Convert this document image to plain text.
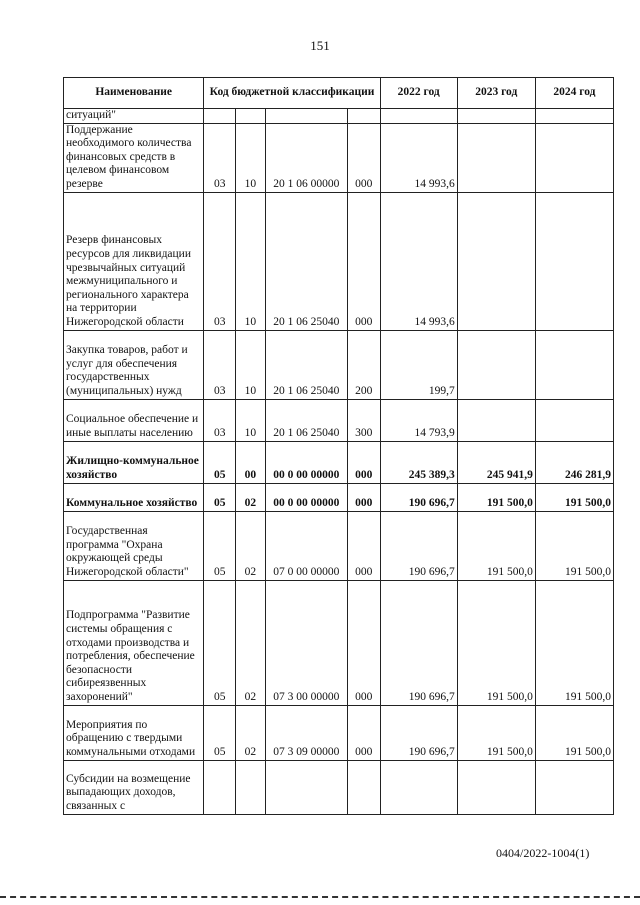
151
Наименование	Код бюджетной классификации				2022 год	2023 год	2024 год
ситуаций"							
Поддержание необходимого количества финансовых средств в целевом финансовом резерве	03	10	20 1 06 00000	000	14 993,6		
Резерв финансовых ресурсов для ликвидации чрезвычайных ситуаций межмуниципального и регионального характера на территории Нижегородской области	03	10	20 1 06 25040	000	14 993,6		
Закупка товаров, работ и услуг для обеспечения государственных (муниципальных) нужд	03	10	20 1 06 25040	200	199,7		
Социальное обеспечение и иные выплаты населению	03	10	20 1 06 25040	300	14 793,9		
Жилищно-коммунальное хозяйство	05	00	00 0 00 00000	000	245 389,3	245 941,9	246 281,9
Коммунальное хозяйство	05	02	00 0 00 00000	000	190 696,7	191 500,0	191 500,0
Государственная программа "Охрана окружающей среды Нижегородской области"	05	02	07 0 00 00000	000	190 696,7	191 500,0	191 500,0
Подпрограмма "Развитие системы обращения с отходами производства и потребления, обеспечение безопасности сибиреязвенных захоронений"	05	02	07 3 00 00000	000	190 696,7	191 500,0	191 500,0
Мероприятия по обращению с твердыми коммунальными отходами	05	02	07 3 09 00000	000	190 696,7	191 500,0	191 500,0
Субсидии на возмещение выпадающих доходов, связанных с							
0404/2022-1004(1)
